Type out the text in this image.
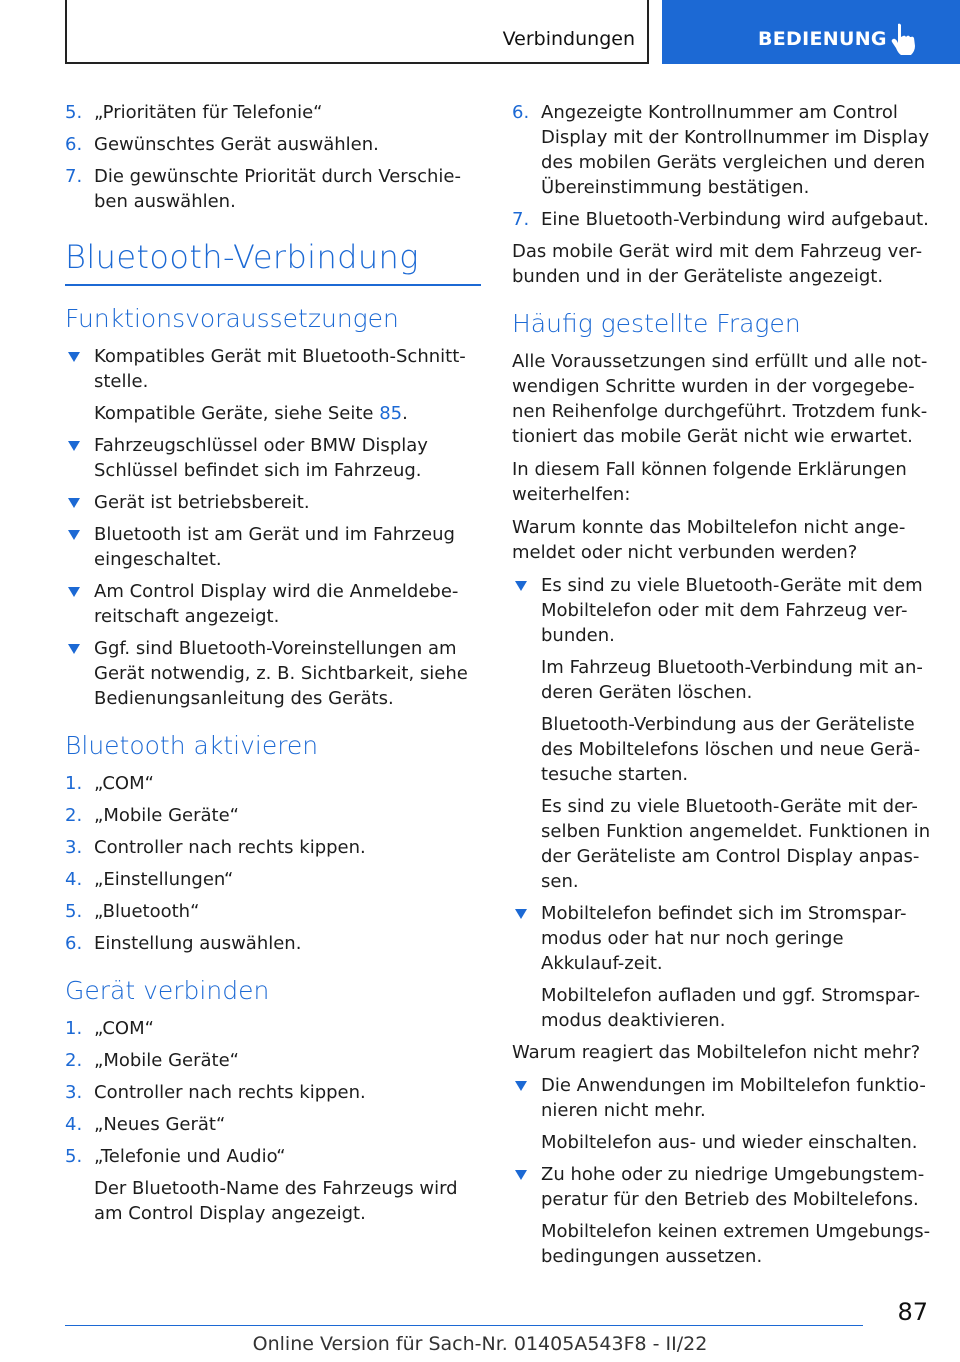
Verbindungen	BEDIENUNG
5. „Prioritäten für Telefonie“
6. Gewünschtes Gerät auswählen.
7. Die gewünschte Priorität durch Verschie-ben auswählen.
Bluetooth-Verbindung
Funktionsvoraussetzungen
Kompatibles Gerät mit Bluetooth-Schnitt-stelle.
Kompatible Geräte, siehe Seite 85.
Fahrzeugschlüssel oder BMW Display Schlüssel befindet sich im Fahrzeug.
Gerät ist betriebsbereit.
Bluetooth ist am Gerät und im Fahrzeug eingeschaltet.
Am Control Display wird die Anmeldebe-reitschaft angezeigt.
Ggf. sind Bluetooth-Voreinstellungen am Gerät notwendig, z. B. Sichtbarkeit, siehe Bedienungsanleitung des Geräts.
Bluetooth aktivieren
1. „COM“
2. „Mobile Geräte“
3. Controller nach rechts kippen.
4. „Einstellungen“
5. „Bluetooth“
6. Einstellung auswählen.
Gerät verbinden
1. „COM“
2. „Mobile Geräte“
3. Controller nach rechts kippen.
4. „Neues Gerät“
5. „Telefonie und Audio“
Der Bluetooth-Name des Fahrzeugs wird am Control Display angezeigt.
6. Angezeigte Kontrollnummer am Control Display mit der Kontrollnummer im Display des mobilen Geräts vergleichen und deren Übereinstimmung bestätigen.
7. Eine Bluetooth-Verbindung wird aufgebaut.
Das mobile Gerät wird mit dem Fahrzeug ver-bunden und in der Geräteliste angezeigt.
Häufig gestellte Fragen
Alle Voraussetzungen sind erfüllt und alle not-wendigen Schritte wurden in der vorgegebe-nen Reihenfolge durchgeführt. Trotzdem funk-tioniert das mobile Gerät nicht wie erwartet.
In diesem Fall können folgende Erklärungen weiterhelfen:
Warum konnte das Mobiltelefon nicht ange-meldet oder nicht verbunden werden?
Es sind zu viele Bluetooth-Geräte mit dem Mobiltelefon oder mit dem Fahrzeug ver-bunden.
Im Fahrzeug Bluetooth-Verbindung mit an-deren Geräten löschen.
Bluetooth-Verbindung aus der Geräteliste des Mobiltelefons löschen und neue Gerä-tesuche starten.
Es sind zu viele Bluetooth-Geräte mit der-selben Funktion angemeldet. Funktionen in der Geräteliste am Control Display anpas-sen.
Mobiltelefon befindet sich im Stromspar-modus oder hat nur noch geringe Akkulauf-zeit.
Mobiltelefon aufladen und ggf. Stromspar-modus deaktivieren.
Warum reagiert das Mobiltelefon nicht mehr?
Die Anwendungen im Mobiltelefon funktio-nieren nicht mehr.
Mobiltelefon aus- und wieder einschalten.
Zu hohe oder zu niedrige Umgebungstem-peratur für den Betrieb des Mobiltelefons.
Mobiltelefon keinen extremen Umgebungs-bedingungen aussetzen.
87
Online Version für Sach-Nr. 01405A543F8 - II/22
